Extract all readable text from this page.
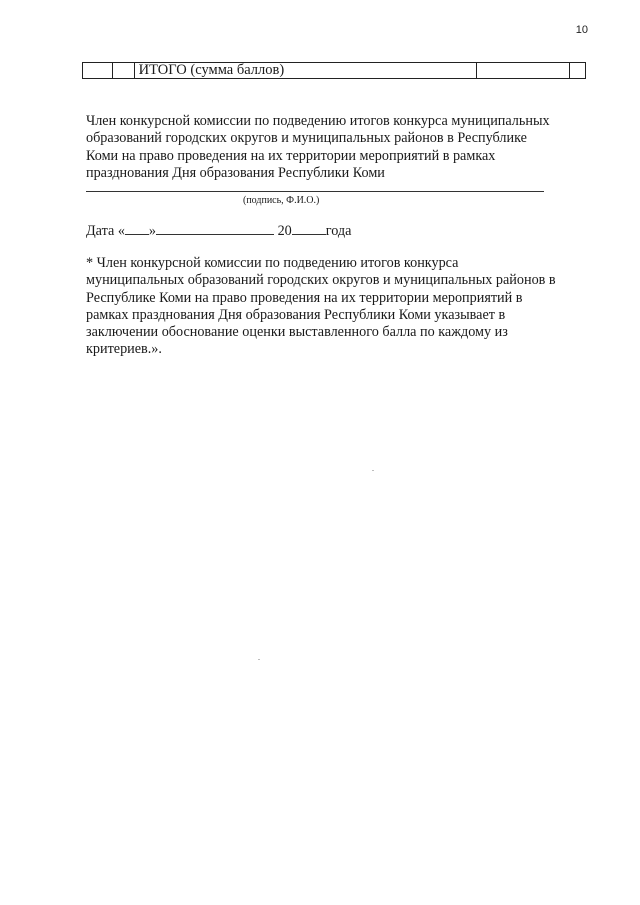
10
		ИТОГО (сумма баллов)		

Член конкурсной комиссии по подведению итогов конкурса муниципальных образований городских округов и муниципальных районов в Республике Коми на право проведения на их территории мероприятий в рамках празднования Дня образования Республики Коми

(подпись, Ф.И.О.)
Дата « »	20 года

* Член конкурсной комиссии по подведению итогов конкурса муниципальных образований городских округов и муниципальных районов в Республике Коми на право проведения на их территории мероприятий в рамках празднования Дня образования Республики Коми указывает в заключении обоснование оценки выставленного балла по каждому из критериев.».
